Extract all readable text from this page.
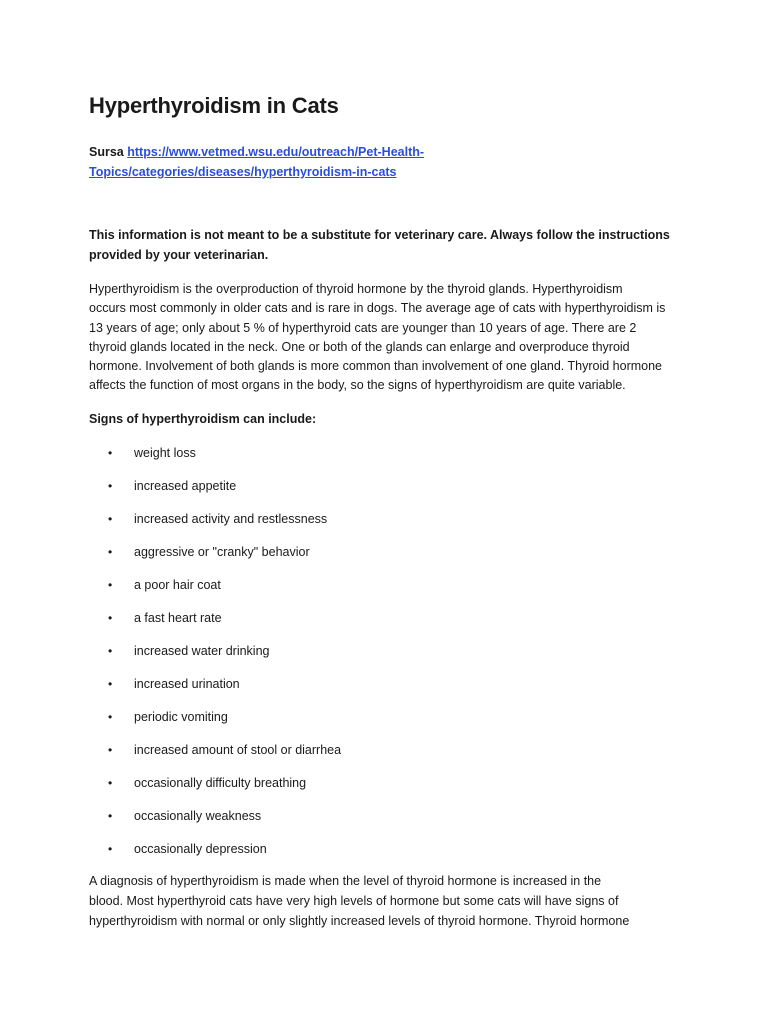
Hyperthyroidism in Cats
Sursa https://www.vetmed.wsu.edu/outreach/Pet-Health-
Topics/categories/diseases/hyperthyroidism-in-cats

This information is not meant to be a substitute for veterinary care. Always follow the instructions
provided by your veterinarian.

Hyperthyroidism is the overproduction of thyroid hormone by the thyroid glands. Hyperthyroidism
occurs most commonly in older cats and is rare in dogs. The average age of cats with hyperthyroidism is
13 years of age; only about 5 % of hyperthyroid cats are younger than 10 years of age. There are 2
thyroid glands located in the neck. One or both of the glands can enlarge and overproduce thyroid
hormone. Involvement of both glands is more common than involvement of one gland. Thyroid hormone
affects the function of most organs in the body, so the signs of hyperthyroidism are quite variable.

Signs of hyperthyroidism can include:

• weight loss
• increased appetite
• increased activity and restlessness
• aggressive or "cranky" behavior
• a poor hair coat
• a fast heart rate
• increased water drinking
• increased urination
• periodic vomiting
• increased amount of stool or diarrhea
• occasionally difficulty breathing
• occasionally weakness
• occasionally depression

A diagnosis of hyperthyroidism is made when the level of thyroid hormone is increased in the
blood. Most hyperthyroid cats have very high levels of hormone but some cats will have signs of
hyperthyroidism with normal or only slightly increased levels of thyroid hormone. Thyroid hormone
